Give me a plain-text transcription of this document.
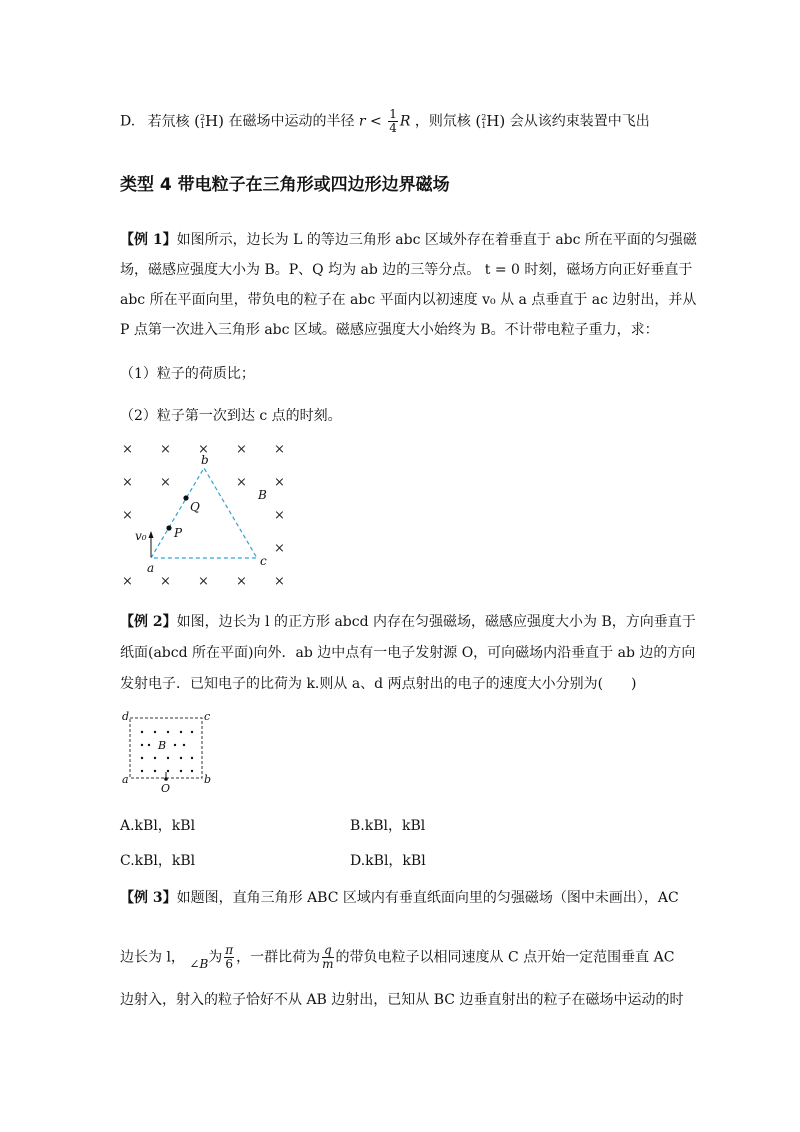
D. 若氘核 (2
1H) 在磁场中运动的半径 $r < \frac{1}{4}$ R ，则氘核 (2
1H) 会从该约束装置中飞出
类型 4 带电粒子在三角形或四边形边界磁场
【例 1】如图所示，边长为 L 的等边三角形 abc 区域外存在着垂直于 abc 所在平面的匀强磁
场，磁感应强度大小为 B。P、Q 均为 ab 边的三等分点。 t = 0 时刻，磁场方向正好垂直于
abc 所在平面向里，带负电的粒子在 abc 平面内以初速度 v₀ 从 a 点垂直于 ac 边射出，并从
P 点第一次进入三角形 abc 区域。磁感应强度大小始终为 B。不计带电粒子重力，求：
（1）粒子的荷质比；
（2）粒子第一次到达 c 点的时刻。
× × × × ×
× ×	× ×
×	×
×
× × × × ×
b
B
Q
P
v₀
a	c
【例 2】如图，边长为 l 的正方形 abcd 内存在匀强磁场，磁感应强度大小为 B，方向垂直于
纸面(abcd 所在平面)向外．ab 边中点有一电子发射源 O，可向磁场内沿垂直于 ab 边的方向
发射电子．已知电子的比荷为 k.则从 a、d 两点射出的电子的速度大小分别为(　　)
d	c
a	b
B
O
A.kBl，kBl	B.kBl，kBl
C.kBl，kBl	D.kBl，kBl
【例 3】如题图，直角三角形 ABC 区域内有垂直纸面向里的匀强磁场（图中未画出），AC
边长为 l， ∠B为 $\frac{\pi}{6}$ ，一群比荷为 $\frac{q}{m}$ 的带负电粒子以相同速度从 C 点开始一定范围垂直 AC
边射入，射入的粒子恰好不从 AB 边射出，已知从 BC 边垂直射出的粒子在磁场中运动的时
